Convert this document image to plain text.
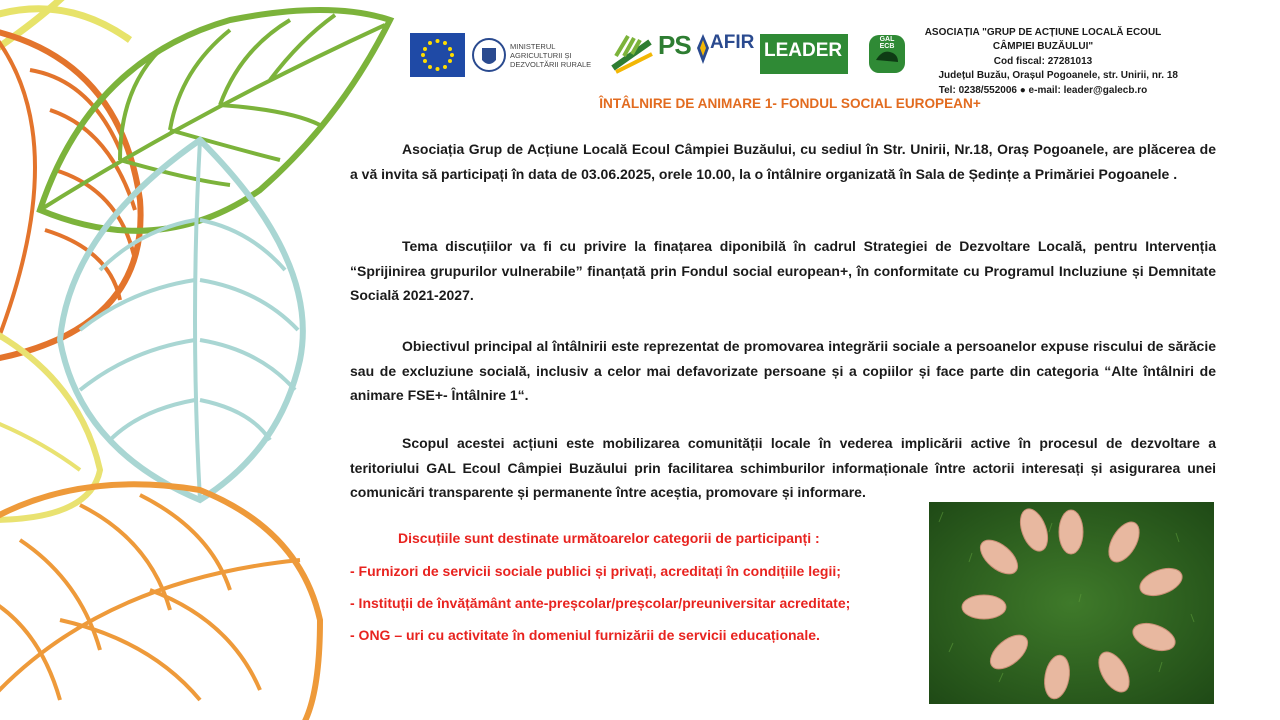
MINISTERUL AGRICULTURII ȘI DEZVOLTĂRII RURALE
PS AFIR LEADER
GAL ECB
ASOCIAȚIA "GRUP DE ACȚIUNE LOCALĂ ECOUL CÂMPIEI BUZĂULUI"
Cod fiscal: 27281013
Județul Buzău, Orașul Pogoanele, str. Unirii, nr. 18
Tel: 0238/552006 ● e-mail: leader@galecb.ro
ÎNTÂLNIRE DE ANIMARE 1- FONDUL SOCIAL EUROPEAN+

Asociația Grup de Acțiune Locală Ecoul Câmpiei Buzăului, cu sediul în Str. Unirii, Nr.18, Oraș Pogoanele, are plăcerea de a vă invita să participați în data de 03.06.2025, orele 10.00, la o întâlnire organizată în Sala de Ședințe a Primăriei Pogoanele .

Tema discuțiilor va fi cu privire la finațarea diponibilă în cadrul Strategiei de Dezvoltare Locală, pentru Intervenția “Sprijinirea grupurilor vulnerabile” finanțată prin Fondul social european+, în conformitate cu Programul Incluziune și Demnitate Socială 2021-2027.

Obiectivul principal al întâlnirii este reprezentat de promovarea integrării sociale a persoanelor expuse riscului de sărăcie sau de excluziune socială, inclusiv a celor mai defavorizate persoane și a copiilor și face parte din categoria “Alte întâlniri de animare FSE+- Întâlnire 1“.

Scopul acestei acțiuni este mobilizarea comunității locale în vederea implicării active în procesul de dezvoltare a teritoriului GAL Ecoul Câmpiei Buzăului prin facilitarea schimburilor informaționale între actorii interesați și asigurarea unei comunicări transparente și permanente între aceștia, promovare și informare.

Discuțiile sunt destinate următoarelor categorii de participanți :
- Furnizori de servicii sociale publici și privați, acreditați în condițiile legii;
- Instituții de învățământ ante-preșcolar/preșcolar/preuniversitar acreditate;
- ONG – uri cu activitate în domeniul furnizării de servicii educaționale.
